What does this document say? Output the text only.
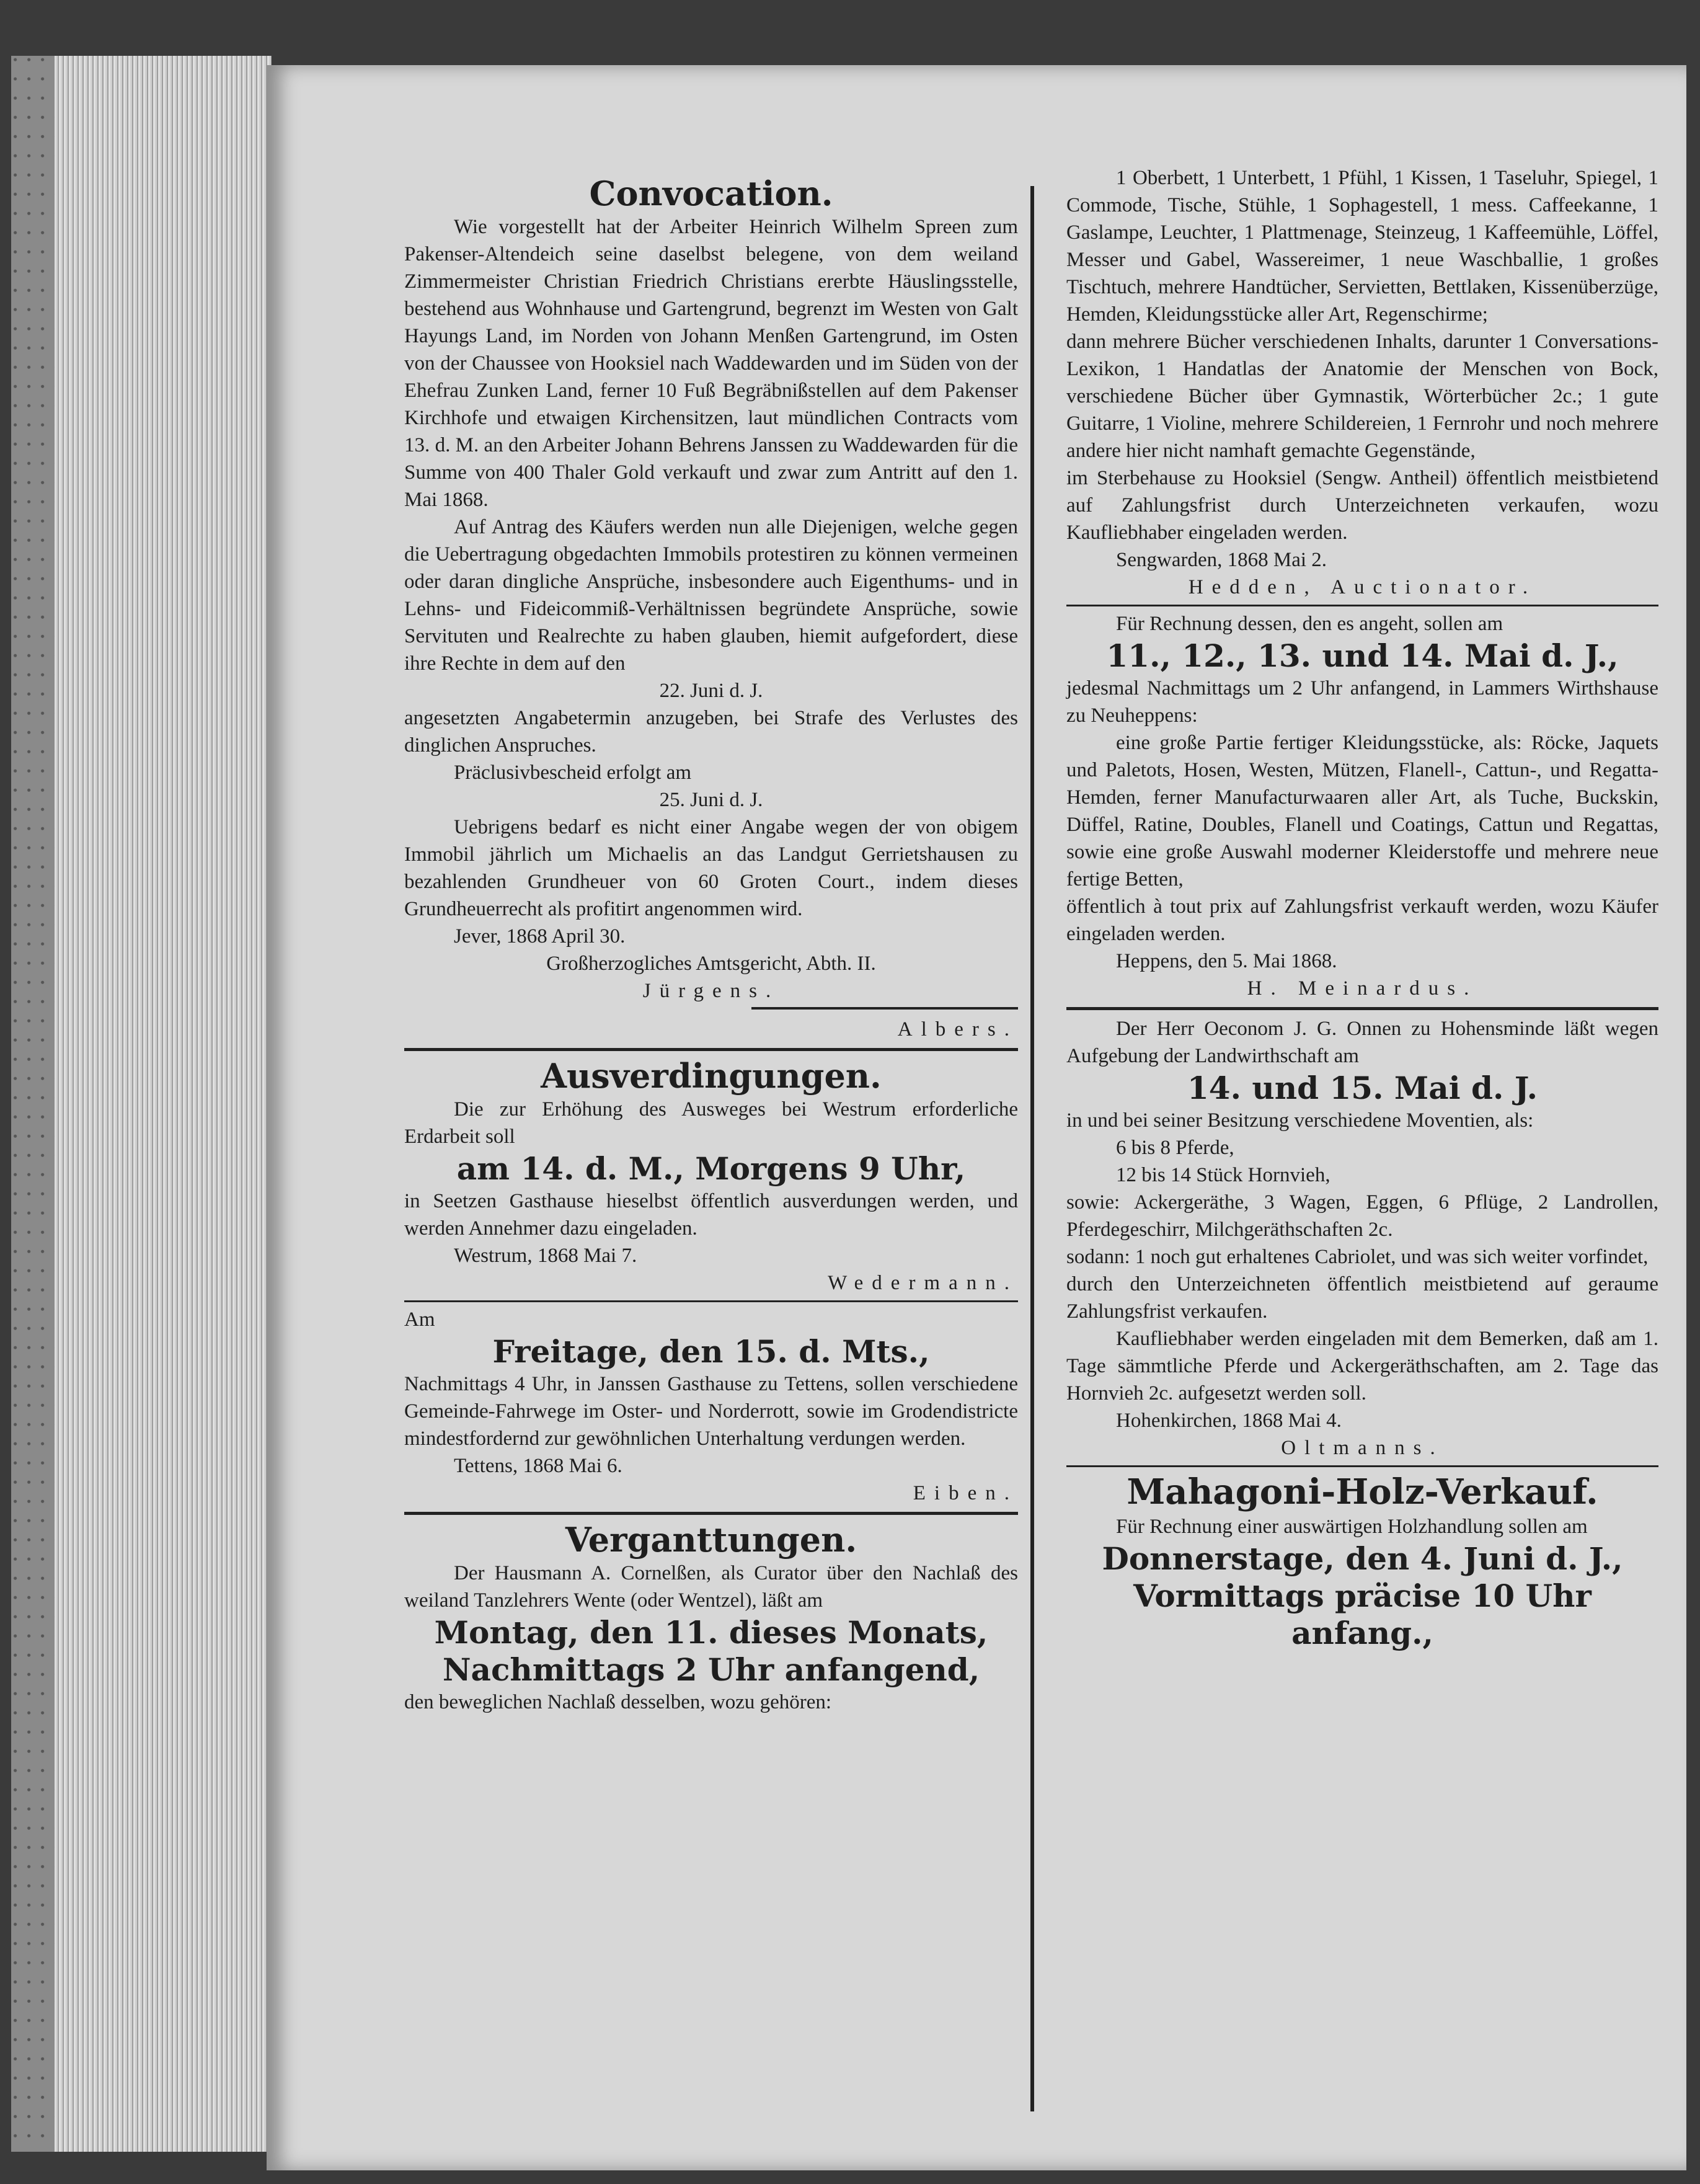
Convocation.

Wie vorgestellt hat der Arbeiter Heinrich Wilhelm Spreen zum Pakenser-Altendeich seine daselbst belegene, von dem weiland Zimmermeister Christian Friedrich Christians ererbte Häuslingsstelle, bestehend aus Wohnhause und Gartengrund, begrenzt im Westen von Galt Hayungs Land, im Norden von Johann Menßen Gartengrund, im Osten von der Chaussee von Hooksiel nach Waddewarden und im Süden von der Ehefrau Zunken Land, ferner 10 Fuß Begräbnißstellen auf dem Pakenser Kirchhofe und etwaigen Kirchensitzen, laut mündlichen Contracts vom 13. d. M. an den Arbeiter Johann Behrens Janssen zu Waddewarden für die Summe von 400 Thaler Gold verkauft und zwar zum Antritt auf den 1. Mai 1868.

Auf Antrag des Käufers werden nun alle Diejenigen, welche gegen die Uebertragung obgedachten Immobils protestiren zu können vermeinen oder daran dingliche Ansprüche, insbesondere auch Eigenthums- und in Lehns- und Fideicommiß-Verhältnissen begründete Ansprüche, sowie Servituten und Realrechte zu haben glauben, hiemit aufgefordert, diese ihre Rechte in dem auf den

22. Juni d. J.

angesetzten Angabetermin anzugeben, bei Strafe des Verlustes des dinglichen Anspruches.

Präclusivbescheid erfolgt am

25. Juni d. J.

Uebrigens bedarf es nicht einer Angabe wegen der von obigem Immobil jährlich um Michaelis an das Landgut Gerrietshausen zu bezahlenden Grundheuer von 60 Groten Court., indem dieses Grundheuerrecht als profitirt angenommen wird.

Jever, 1868 April 30.

Großherzogliches Amtsgericht, Abth. II.

Jürgens.

Albers.

Ausverdingungen.

Die zur Erhöhung des Ausweges bei Westrum erforderliche Erdarbeit soll

am 14. d. M., Morgens 9 Uhr,

in Seetzen Gasthause hieselbst öffentlich ausverdungen werden, und werden Annehmer dazu eingeladen.

Westrum, 1868 Mai 7.

Wedermann.

Am

Freitage, den 15. d. Mts.,

Nachmittags 4 Uhr, in Janssen Gasthause zu Tettens, sollen verschiedene Gemeinde-Fahrwege im Oster- und Norderrott, sowie im Grodendistricte mindestfordernd zur gewöhnlichen Unterhaltung verdungen werden.

Tettens, 1868 Mai 6.

Eiben.

Verganttungen.

Der Hausmann A. Cornelßen, als Curator über den Nachlaß des weiland Tanzlehrers Wente (oder Wentzel), läßt am

Montag, den 11. dieses Monats,

Nachmittags 2 Uhr anfangend,

den beweglichen Nachlaß desselben, wozu gehören:

1 Oberbett, 1 Unterbett, 1 Pfühl, 1 Kissen, 1 Taseluhr, Spiegel, 1 Commode, Tische, Stühle, 1 Sophagestell, 1 mess. Caffeekanne, 1 Gaslampe, Leuchter, 1 Plattmenage, Steinzeug, 1 Kaffeemühle, Löffel, Messer und Gabel, Wassereimer, 1 neue Waschballie, 1 großes Tischtuch, mehrere Handtücher, Servietten, Bettlaken, Kissenüberzüge, Hemden, Kleidungsstücke aller Art, Regenschirme;

dann mehrere Bücher verschiedenen Inhalts, darunter 1 Conversations-Lexikon, 1 Handatlas der Anatomie der Menschen von Bock, verschiedene Bücher über Gymnastik, Wörterbücher 2c.; 1 gute Guitarre, 1 Violine, mehrere Schildereien, 1 Fernrohr und noch mehrere andere hier nicht namhaft gemachte Gegenstände,

im Sterbehause zu Hooksiel (Sengw. Antheil) öffentlich meistbietend auf Zahlungsfrist durch Unterzeichneten verkaufen, wozu Kaufliebhaber eingeladen werden.

Sengwarden, 1868 Mai 2.

Hedden, Auctionator.

Für Rechnung dessen, den es angeht, sollen am

11., 12., 13. und 14. Mai d. J.,

jedesmal Nachmittags um 2 Uhr anfangend, in Lammers Wirthshause zu Neuheppens:

eine große Partie fertiger Kleidungsstücke, als: Röcke, Jaquets und Paletots, Hosen, Westen, Mützen, Flanell-, Cattun-, und Regatta-Hemden, ferner Manufacturwaaren aller Art, als Tuche, Buckskin, Düffel, Ratine, Doubles, Flanell und Coatings, Cattun und Regattas, sowie eine große Auswahl moderner Kleiderstoffe und mehrere neue fertige Betten,

öffentlich à tout prix auf Zahlungsfrist verkauft werden, wozu Käufer eingeladen werden.

Heppens, den 5. Mai 1868.

H. Meinardus.

Der Herr Oeconom J. G. Onnen zu Hohensminde läßt wegen Aufgebung der Landwirthschaft am

14. und 15. Mai d. J.

in und bei seiner Besitzung verschiedene Moventien, als:

6 bis 8 Pferde,

12 bis 14 Stück Hornvieh,

sowie: Ackergeräthe, 3 Wagen, Eggen, 6 Pflüge, 2 Landrollen, Pferdegeschirr, Milchgeräthschaften 2c.

sodann: 1 noch gut erhaltenes Cabriolet, und was sich weiter vorfindet,

durch den Unterzeichneten öffentlich meistbietend auf geraume Zahlungsfrist verkaufen.

Kaufliebhaber werden eingeladen mit dem Bemerken, daß am 1. Tage sämmtliche Pferde und Ackergeräthschaften, am 2. Tage das Hornvieh 2c. aufgesetzt werden soll.

Hohenkirchen, 1868 Mai 4.

Oltmanns.

Mahagoni-Holz-Verkauf.

Für Rechnung einer auswärtigen Holzhandlung sollen am

Donnerstage, den 4. Juni d. J.,

Vormittags präcise 10 Uhr anfang.,
